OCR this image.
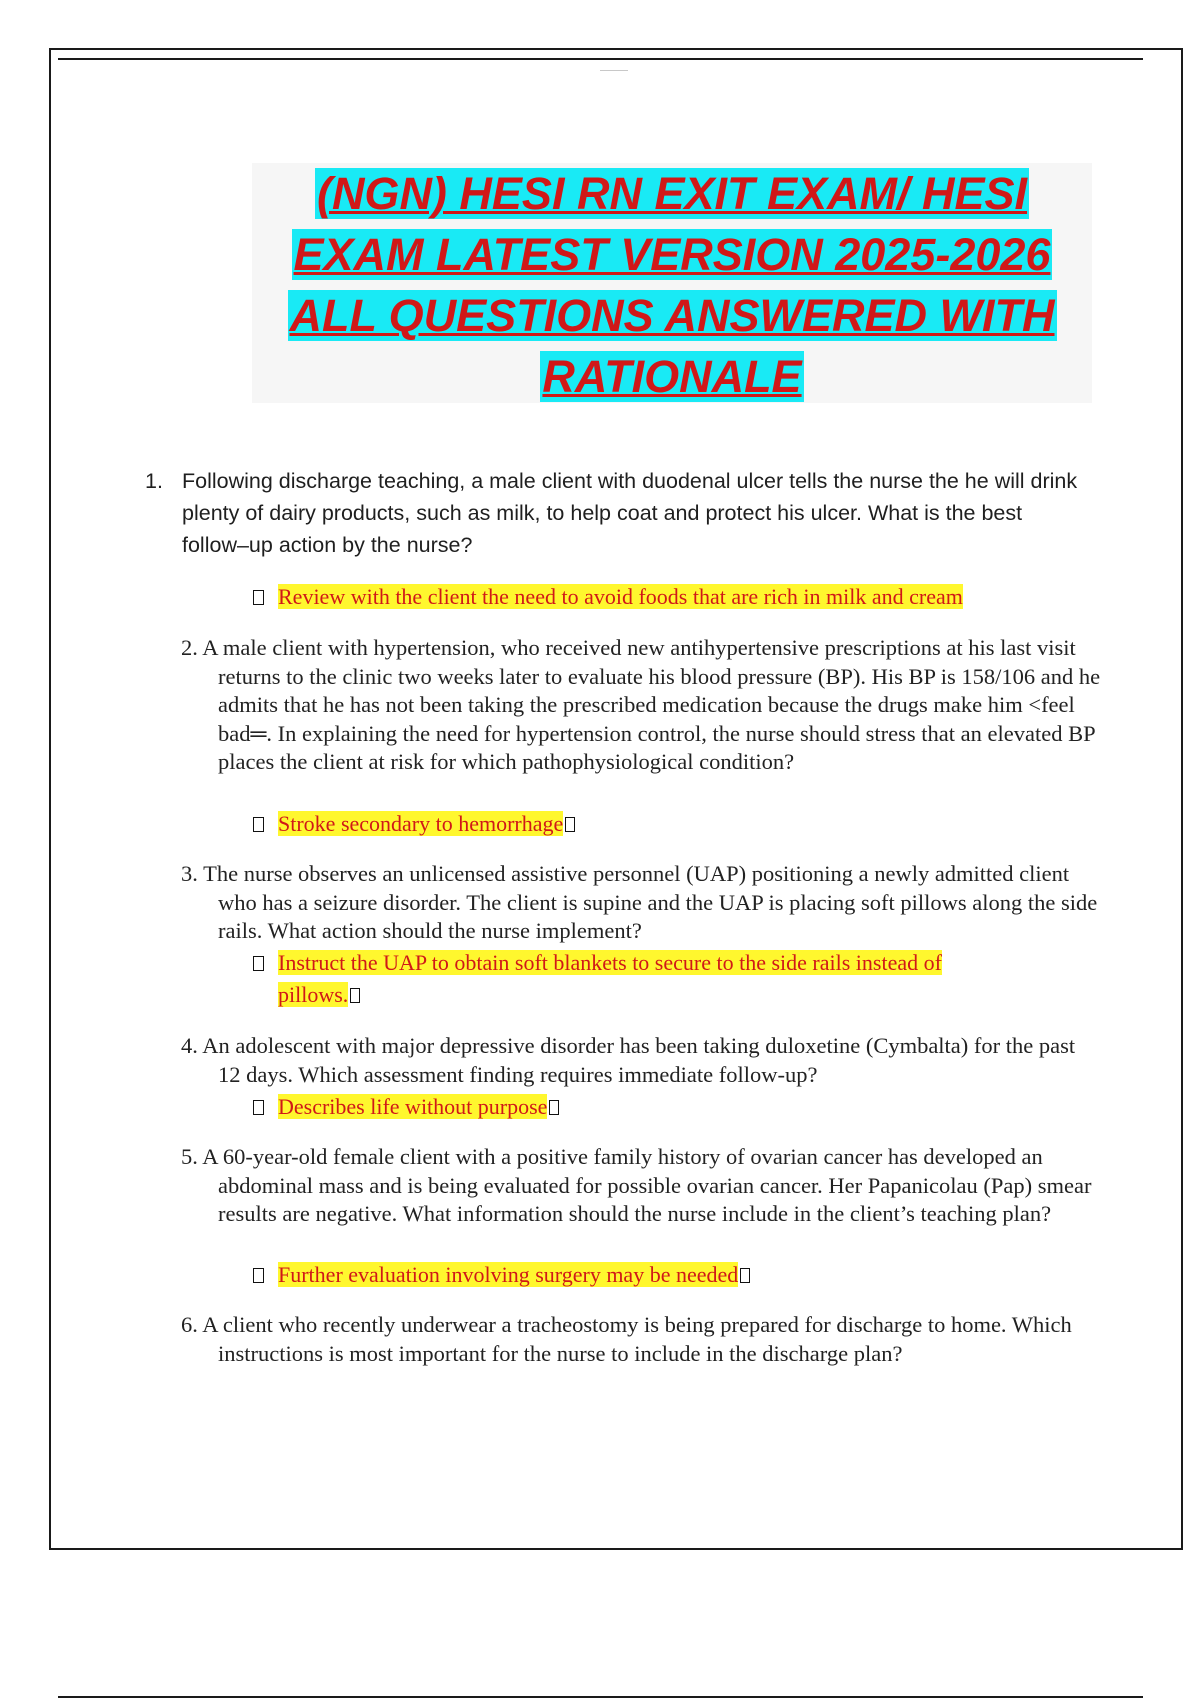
(NGN) HESI RN EXIT EXAM/ HESI
EXAM LATEST VERSION 2025-2026
ALL QUESTIONS ANSWERED WITH
RATIONALE
1. Following discharge teaching, a male client with duodenal ulcer tells the nurse the he will drink plenty of dairy products, such as milk, to help coat and protect his ulcer. What is the best follow–up action by the nurse?
Review with the client the need to avoid foods that are rich in milk and cream
2. A male client with hypertension, who received new antihypertensive prescriptions at his last visit returns to the clinic two weeks later to evaluate his blood pressure (BP). His BP is 158/106 and he admits that he has not been taking the prescribed medication because the drugs make him <feel bad═. In explaining the need for hypertension control, the nurse should stress that an elevated BP places the client at risk for which pathophysiological condition?
Stroke secondary to hemorrhage
3. The nurse observes an unlicensed assistive personnel (UAP) positioning a newly admitted client who has a seizure disorder. The client is supine and the UAP is placing soft pillows along the side rails. What action should the nurse implement?
Instruct the UAP to obtain soft blankets to secure to the side rails instead of
pillows.
4. An adolescent with major depressive disorder has been taking duloxetine (Cymbalta) for the past 12 days. Which assessment finding requires immediate follow-up?
Describes life without purpose
5. A 60-year-old female client with a positive family history of ovarian cancer has developed an abdominal mass and is being evaluated for possible ovarian cancer. Her Papanicolau (Pap) smear results are negative. What information should the nurse include in the client’s teaching plan?
Further evaluation involving surgery may be needed
6. A client who recently underwear a tracheostomy is being prepared for discharge to home. Which instructions is most important for the nurse to include in the discharge plan?
